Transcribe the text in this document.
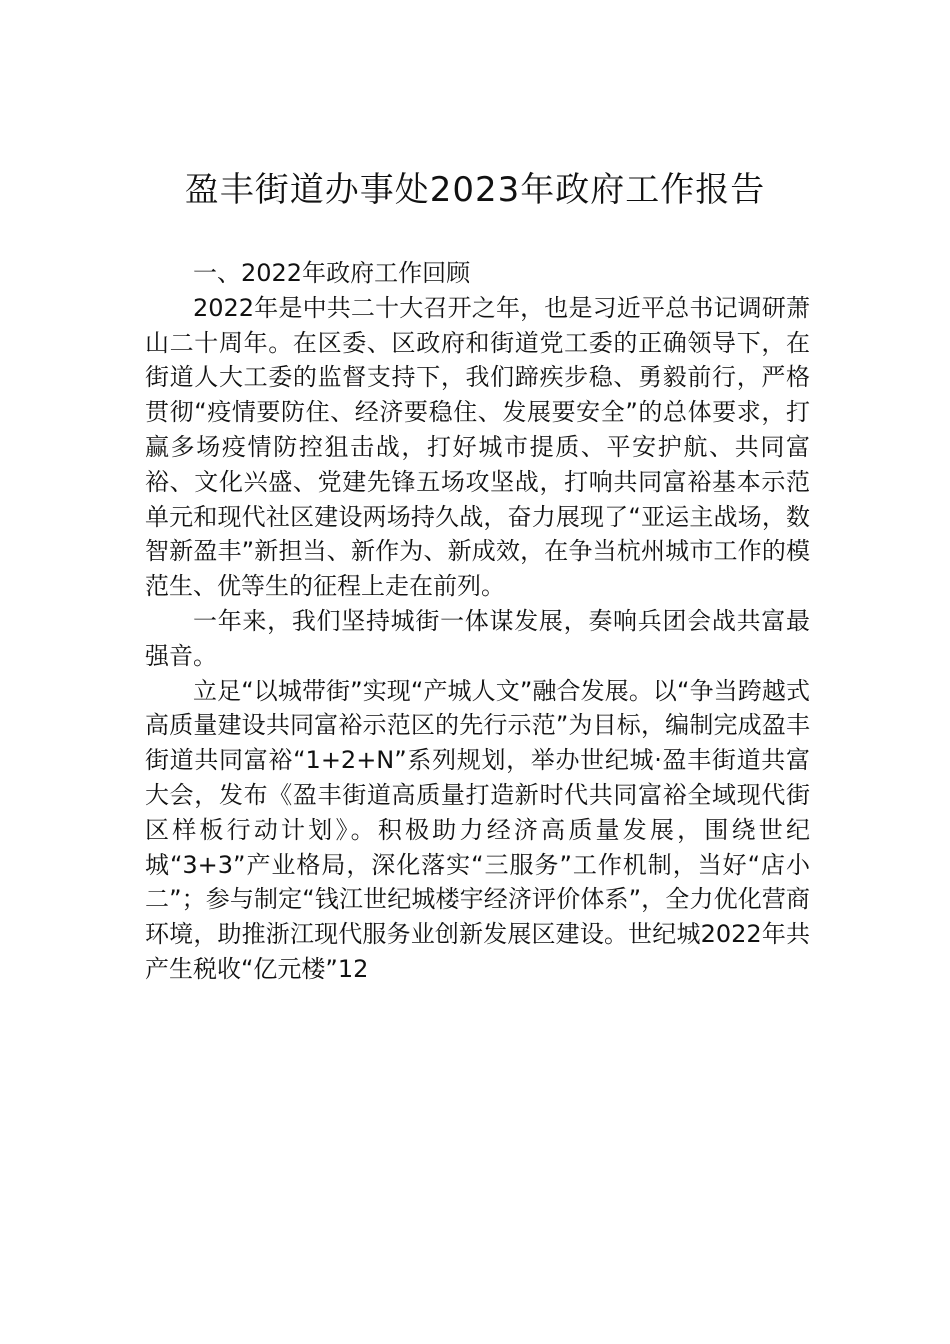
盈丰街道办事处2023年政府工作报告

一、2022年政府工作回顾

2022年是中共二十大召开之年，也是习近平总书记调研萧山二十周年。在区委、区政府和街道党工委的正确领导下，在街道人大工委的监督支持下，我们蹄疾步稳、勇毅前行，严格贯彻“疫情要防住、经济要稳住、发展要安全”的总体要求，打赢多场疫情防控狙击战，打好城市提质、平安护航、共同富裕、文化兴盛、党建先锋五场攻坚战，打响共同富裕基本示范单元和现代社区建设两场持久战，奋力展现了“亚运主战场，数智新盈丰”新担当、新作为、新成效，在争当杭州城市工作的模范生、优等生的征程上走在前列。

一年来，我们坚持城街一体谋发展，奏响兵团会战共富最强音。

立足“以城带街”实现“产城人文”融合发展。以“争当跨越式高质量建设共同富裕示范区的先行示范”为目标，编制完成盈丰街道共同富裕“1+2+N”系列规划，举办世纪城·盈丰街道共富大会，发布《盈丰街道高质量打造新时代共同富裕全域现代街区样板行动计划》。积极助力经济高质量发展，围绕世纪城“3+3”产业格局，深化落实“三服务”工作机制，当好“店小二”；参与制定“钱江世纪城楼宇经济评价体系”，全力优化营商环境，助推浙江现代服务业创新发展区建设。世纪城2022年共产生税收“亿元楼”12
